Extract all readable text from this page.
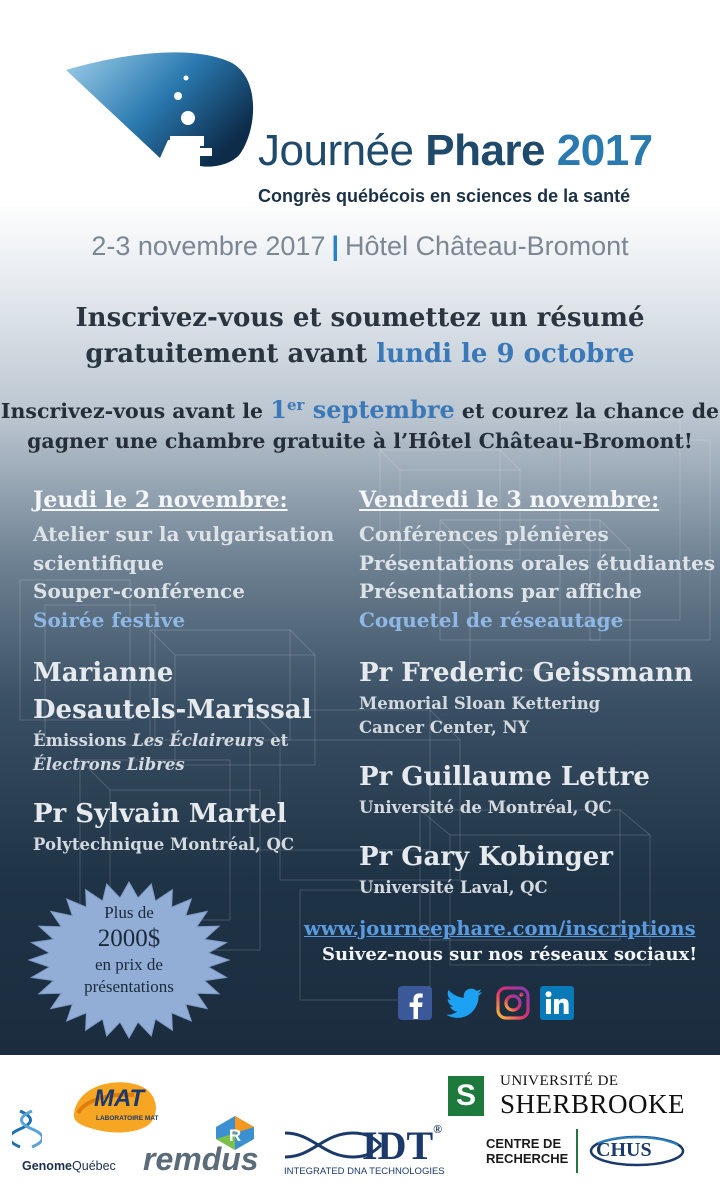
Journée Phare 2017
Congrès québécois en sciences de la santé
2-3 novembre 2017 | Hôtel Château-Bromont
Inscrivez-vous et soumettez un résumé
gratuitement avant lundi le 9 octobre
Inscrivez-vous avant le 1er septembre et courez la chance de
gagner une chambre gratuite à l’Hôtel Château-Bromont!
Jeudi le 2 novembre:
Atelier sur la vulgarisation
scientifique
Souper-conférence
Soirée festive
Vendredi le 3 novembre:
Conférences plénières
Présentations orales étudiantes
Présentations par affiche
Coquetel de réseautage
Marianne
Desautels-Marissal
Émissions Les Éclaireurs et
Électrons Libres
Pr Sylvain Martel
Polytechnique Montréal, QC
Pr Frederic Geissmann
Memorial Sloan Kettering
Cancer Center, NY
Pr Guillaume Lettre
Université de Montréal, QC
Pr Gary Kobinger
Université Laval, QC
Plus de
2000$
en prix de
présentations
www.journeephare.com/inscriptions
Suivez-nous sur nos réseaux sociaux!
GenomeQuébec
MAT
LABORATOIRE MAT
R
remdus	IDT®
INTEGRATED DNA TECHNOLOGIES
S	UNIVERSITÉ DE
SHERBROOKE
CENTRE DE
RECHERCHE CHUS
